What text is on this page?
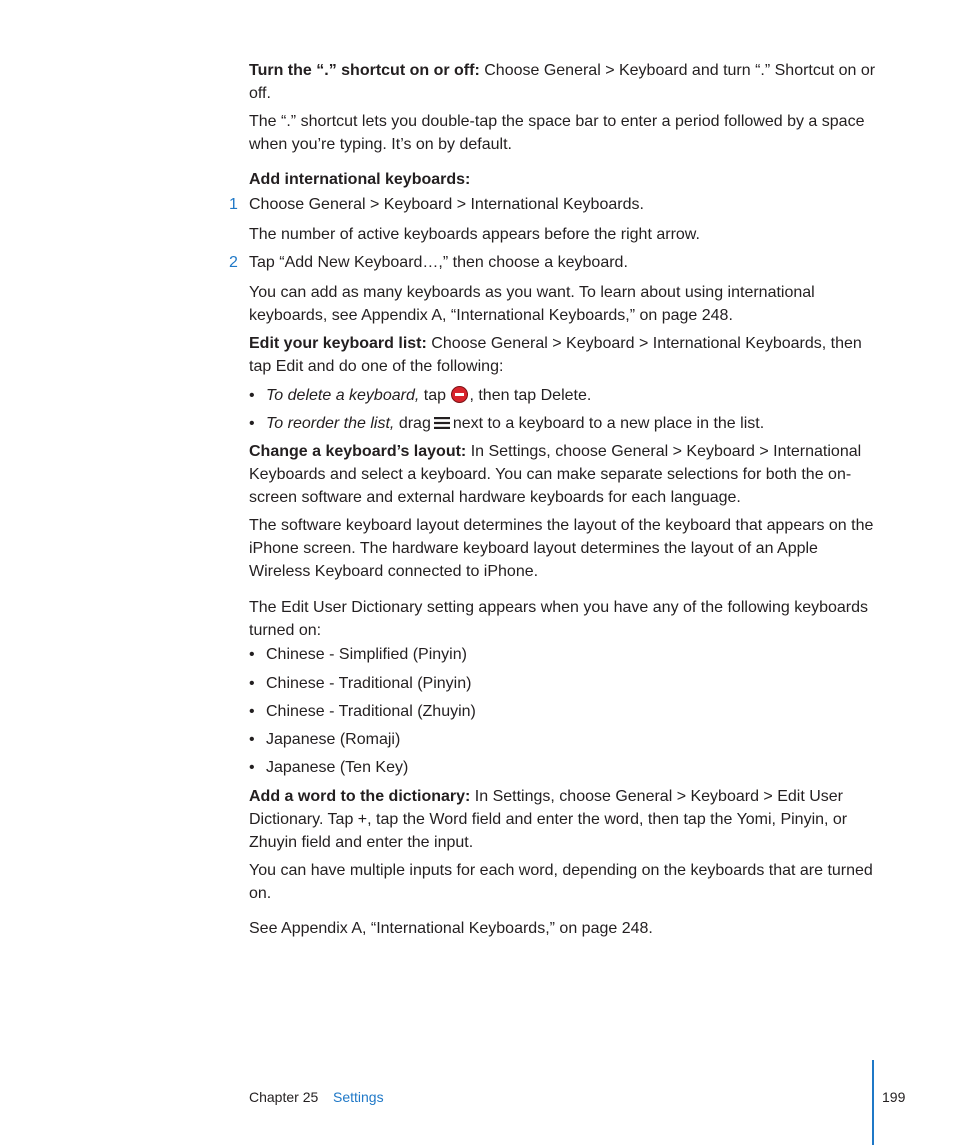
Turn the “.” shortcut on or off: Choose General > Keyboard and turn “.” Shortcut on or off.

The “.” shortcut lets you double-tap the space bar to enter a period followed by a space when you’re typing. It’s on by default.

Add international keyboards:

1 Choose General > Keyboard > International Keyboards.

The number of active keyboards appears before the right arrow.

2 Tap “Add New Keyboard…,” then choose a keyboard.

You can add as many keyboards as you want. To learn about using international keyboards, see Appendix A, “International Keyboards,” on page 248.

Edit your keyboard list: Choose General > Keyboard > International Keyboards, then tap Edit and do one of the following:

• To delete a keyboard, tap , then tap Delete.
• To reorder the list, drag next to a keyboard to a new place in the list.

Change a keyboard’s layout: In Settings, choose General > Keyboard > International Keyboards and select a keyboard. You can make separate selections for both the on-screen software and external hardware keyboards for each language.

The software keyboard layout determines the layout of the keyboard that appears on the iPhone screen. The hardware keyboard layout determines the layout of an Apple Wireless Keyboard connected to iPhone.

The Edit User Dictionary setting appears when you have any of the following keyboards turned on:

• Chinese - Simplified (Pinyin)
• Chinese - Traditional (Pinyin)
• Chinese - Traditional (Zhuyin)
• Japanese (Romaji)
• Japanese (Ten Key)

Add a word to the dictionary: In Settings, choose General > Keyboard > Edit User Dictionary. Tap +, tap the Word field and enter the word, then tap the Yomi, Pinyin, or Zhuyin field and enter the input.

You can have multiple inputs for each word, depending on the keyboards that are turned on.

See Appendix A, “International Keyboards,” on page 248.

Chapter 25 Settings	199
